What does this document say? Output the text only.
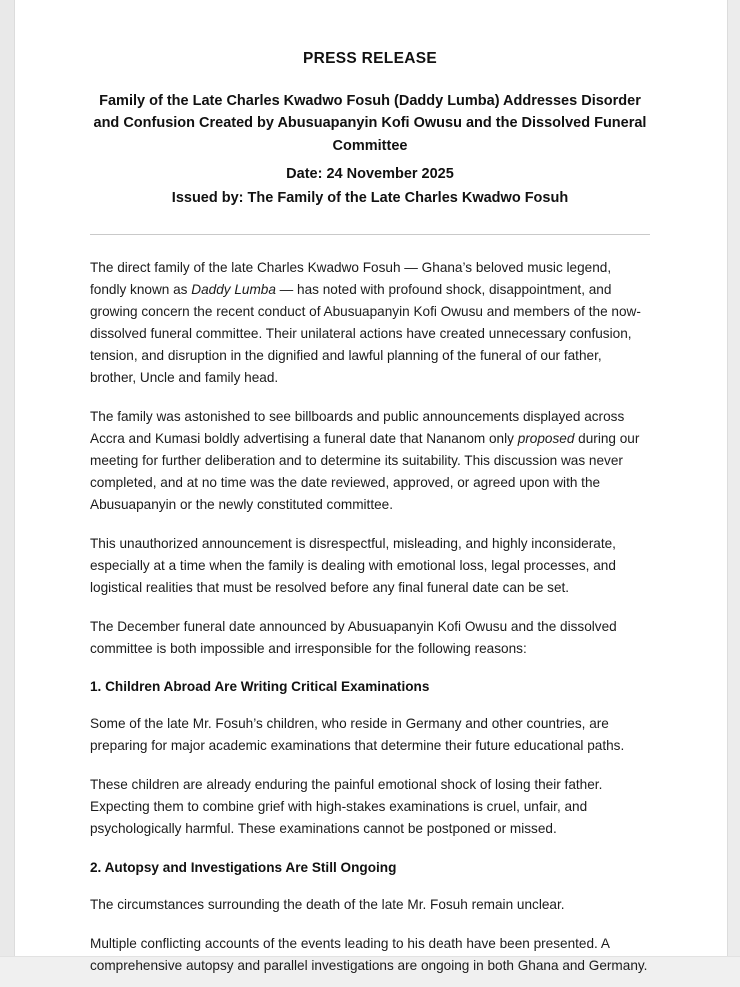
PRESS RELEASE
Family of the Late Charles Kwadwo Fosuh (Daddy Lumba) Addresses Disorder and Confusion Created by Abusuapanyin Kofi Owusu and the Dissolved Funeral Committee
Date: 24 November 2025
Issued by: The Family of the Late Charles Kwadwo Fosuh

The direct family of the late Charles Kwadwo Fosuh — Ghana’s beloved music legend, fondly known as Daddy Lumba — has noted with profound shock, disappointment, and growing concern the recent conduct of Abusuapanyin Kofi Owusu and members of the now-dissolved funeral committee. Their unilateral actions have created unnecessary confusion, tension, and disruption in the dignified and lawful planning of the funeral of our father, brother, Uncle and family head.

The family was astonished to see billboards and public announcements displayed across Accra and Kumasi boldly advertising a funeral date that Nananom only proposed during our meeting for further deliberation and to determine its suitability. This discussion was never completed, and at no time was the date reviewed, approved, or agreed upon with the Abusuapanyin or the newly constituted committee.

This unauthorized announcement is disrespectful, misleading, and highly inconsiderate, especially at a time when the family is dealing with emotional loss, legal processes, and logistical realities that must be resolved before any final funeral date can be set.

The December funeral date announced by Abusuapanyin Kofi Owusu and the dissolved committee is both impossible and irresponsible for the following reasons:

1. Children Abroad Are Writing Critical Examinations

Some of the late Mr. Fosuh’s children, who reside in Germany and other countries, are preparing for major academic examinations that determine their future educational paths.

These children are already enduring the painful emotional shock of losing their father. Expecting them to combine grief with high-stakes examinations is cruel, unfair, and psychologically harmful. These examinations cannot be postponed or missed.

2. Autopsy and Investigations Are Still Ongoing

The circumstances surrounding the death of the late Mr. Fosuh remain unclear.

Multiple conflicting accounts of the events leading to his death have been presented. A comprehensive autopsy and parallel investigations are ongoing in both Ghana and Germany.
